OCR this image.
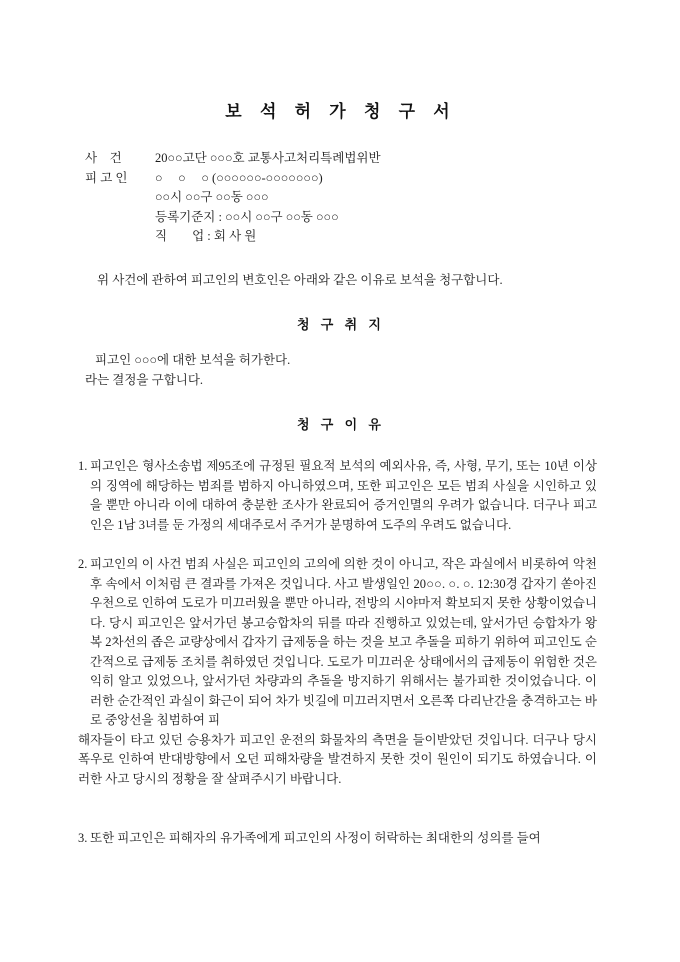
보 석 허 가 청 구 서
사    건	20○○고단 ○○○호 교통사고처리특례법위반
피 고 인	○     ○     ○ (○○○○○○-○○○○○○○)
○○시 ○○구 ○○동 ○○○
등록기준지 : ○○시 ○○구 ○○동 ○○○
직        업 : 회 사 원

위 사건에 관하여 피고인의 변호인은 아래와 같은 이유로 보석을 청구합니다.

청 구 취 지

피고인 ○○○에 대한 보석을 허가한다.

라는 결정을 구합니다.

청 구 이 유
1. 피고인은 형사소송법 제95조에 규정된 필요적 보석의 예외사유, 즉, 사형, 무기, 또는 10년 이상의 징역에 해당하는 범죄를 범하지 아니하였으며, 또한 피고인은 모든 범죄 사실을 시인하고 있을 뿐만 아니라 이에 대하여 충분한 조사가 완료되어 증거인멸의 우려가 없습니다. 더구나 피고인은 1남 3녀를 둔 가정의 세대주로서 주거가 분명하여 도주의 우려도 없습니다.
2. 피고인의 이 사건 범죄 사실은 피고인의 고의에 의한 것이 아니고, 작은 과실에서 비롯하여 악천후 속에서 이처럼 큰 결과를 가져온 것입니다. 사고 발생일인 20○○. ○. ○. 12:30경 갑자기 쏟아진 우천으로 인하여 도로가 미끄러웠을 뿐만 아니라, 전방의 시야마저 확보되지 못한 상황이었습니다. 당시 피고인은 앞서가던 봉고승합차의 뒤를 따라 진행하고 있었는데, 앞서가던 승합차가 왕복 2차선의 좁은 교량상에서 갑자기 급제동을 하는 것을 보고 추돌을 피하기 위하여 피고인도 순간적으로 급제동 조치를 취하였던 것입니다. 도로가 미끄러운 상태에서의 급제동이 위험한 것은 익히 알고 있었으나, 앞서가던 차량과의 추돌을 방지하기 위해서는 불가피한 것이었습니다. 이러한 순간적인 과실이 화근이 되어 차가 빗길에 미끄러지면서 오른쪽 다리난간을 충격하고는 바로 중앙선을 침범하여 피
해자들이 타고 있던 승용차가 피고인 운전의 화물차의 측면을 들이받았던 것입니다. 더구나 당시 폭우로 인하여 반대방향에서 오던 피해차량을 발견하지 못한 것이 원인이 되기도 하였습니다. 이러한 사고 당시의 정황을 잘 살펴주시기 바랍니다.
3. 또한 피고인은 피해자의 유가족에게 피고인의 사정이 허락하는 최대한의 성의를 들여
